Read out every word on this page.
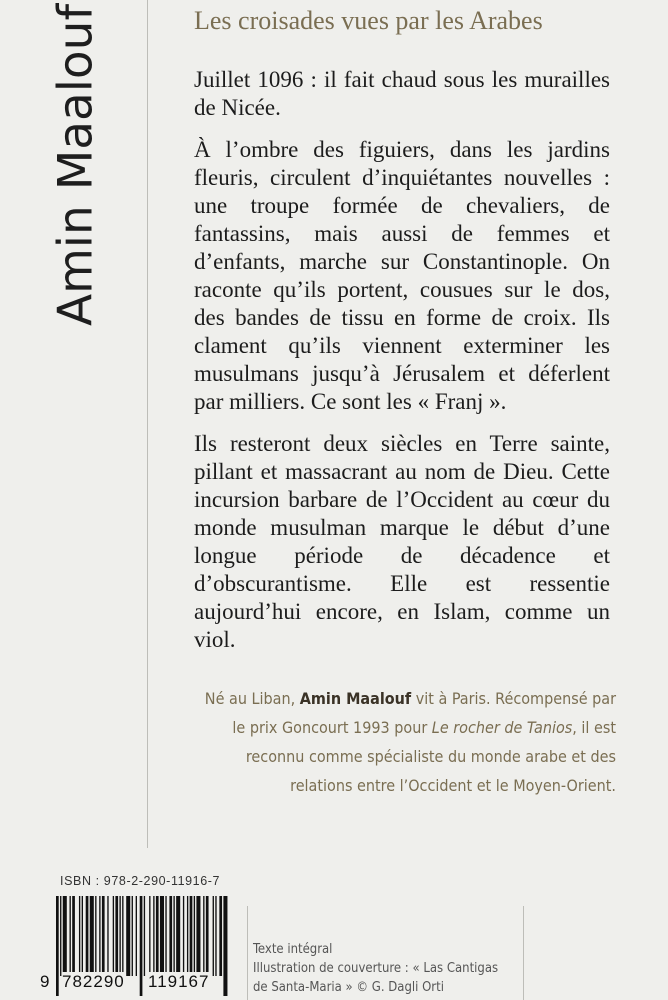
Amin Maalouf	Les croisades vues par les Arabes

Juillet 1096 : il fait chaud sous les murailles de Nicée.

À l’ombre des figuiers, dans les jardins fleuris, circulent d’inquiétantes nouvelles : une troupe formée de chevaliers, de fantassins, mais aussi de femmes et d’enfants, marche sur Constantinople. On raconte qu’ils portent, cousues sur le dos, des bandes de tissu en forme de croix. Ils clament qu’ils viennent exterminer les musulmans jusqu’à Jérusalem et déferlent par milliers. Ce sont les « Franj ».

Ils resteront deux siècles en Terre sainte, pillant et massacrant au nom de Dieu. Cette incursion barbare de l’Occident au cœur du monde musulman marque le début d’une longue période de décadence et d’obscurantisme. Elle est ressentie aujourd’hui encore, en Islam, comme un viol.

Né au Liban, Amin Maalouf vit à Paris. Récompensé par le prix Goncourt 1993 pour Le rocher de Tanios, il est reconnu comme spécialiste du monde arabe et des relations entre l’Occident et le Moyen-Orient.
ISBN : 978-2-290-11916-7
9 782290 119167
Texte intégral
Illustration de couverture : « Las Cantigas
de Santa-Maria » © G. Dagli Orti
